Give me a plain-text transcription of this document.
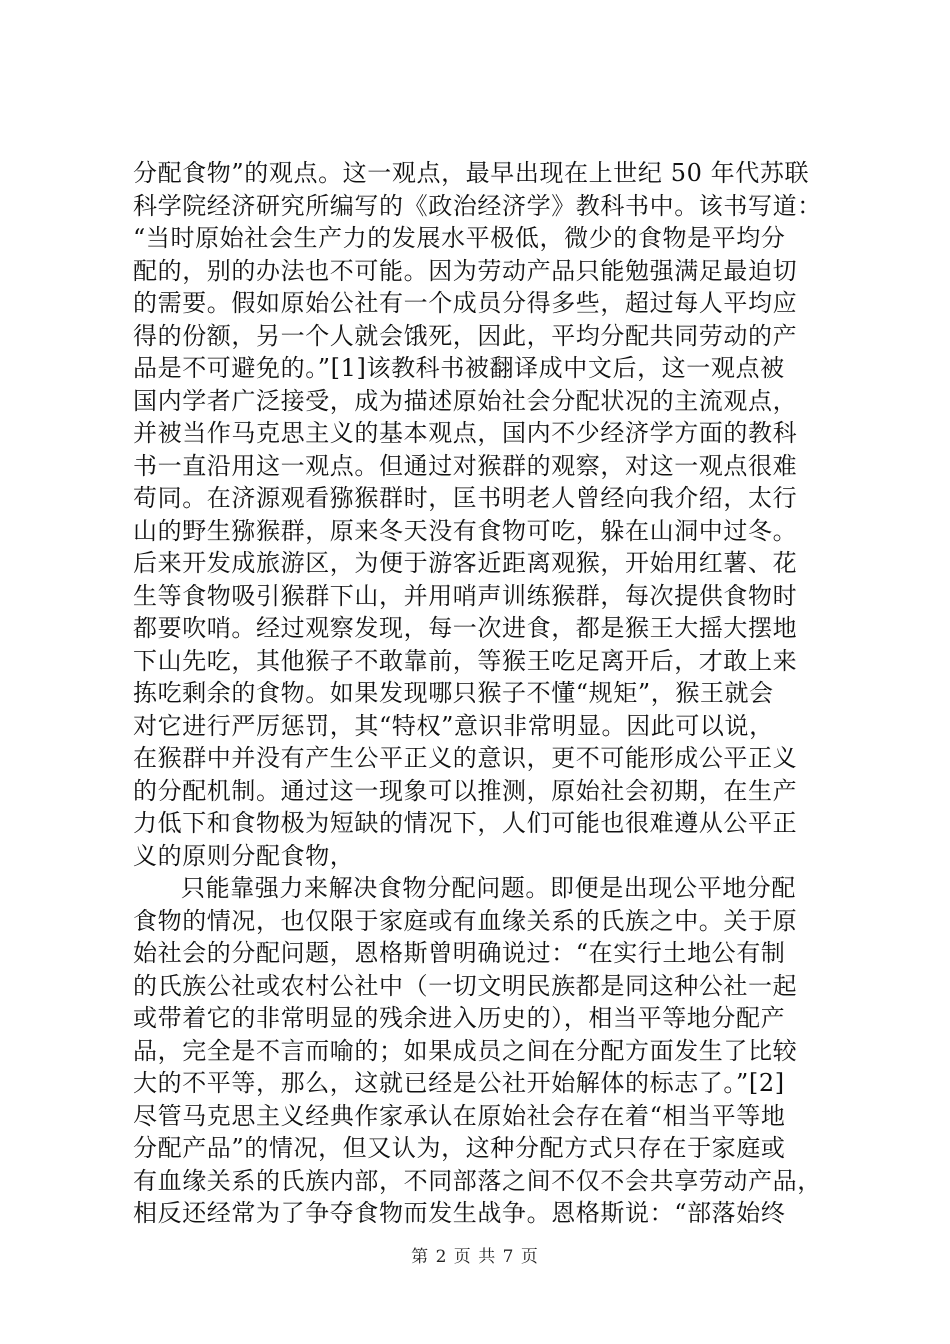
分配食物”的观点。这一观点，最早出现在上世纪 50 年代苏联
科学院经济研究所编写的《政治经济学》教科书中。该书写道：
“当时原始社会生产力的发展水平极低，微少的食物是平均分
配的，别的办法也不可能。因为劳动产品只能勉强满足最迫切
的需要。假如原始公社有一个成员分得多些，超过每人平均应
得的份额，另一个人就会饿死，因此，平均分配共同劳动的产
品是不可避免的。”[1]该教科书被翻译成中文后，这一观点被
国内学者广泛接受，成为描述原始社会分配状况的主流观点，
并被当作马克思主义的基本观点，国内不少经济学方面的教科
书一直沿用这一观点。但通过对猴群的观察，对这一观点很难
苟同。在济源观看猕猴群时，匡书明老人曾经向我介绍，太行
山的野生猕猴群，原来冬天没有食物可吃，躲在山洞中过冬。
后来开发成旅游区，为便于游客近距离观猴，开始用红薯、花
生等食物吸引猴群下山，并用哨声训练猴群，每次提供食物时
都要吹哨。经过观察发现，每一次进食，都是猴王大摇大摆地
下山先吃，其他猴子不敢靠前，等猴王吃足离开后，才敢上来
拣吃剩余的食物。如果发现哪只猴子不懂“规矩”，猴王就会
对它进行严厉惩罚，其“特权”意识非常明显。因此可以说，
在猴群中并没有产生公平正义的意识，更不可能形成公平正义
的分配机制。通过这一现象可以推测，原始社会初期，在生产
力低下和食物极为短缺的情况下，人们可能也很难遵从公平正
义的原则分配食物，
只能靠强力来解决食物分配问题。即便是出现公平地分配
食物的情况，也仅限于家庭或有血缘关系的氏族之中。关于原
始社会的分配问题，恩格斯曾明确说过：“在实行土地公有制
的氏族公社或农村公社中（一切文明民族都是同这种公社一起
或带着它的非常明显的残余进入历史的），相当平等地分配产
品，完全是不言而喻的；如果成员之间在分配方面发生了比较
大的不平等，那么，这就已经是公社开始解体的标志了。”[2]
尽管马克思主义经典作家承认在原始社会存在着“相当平等地
分配产品”的情况，但又认为，这种分配方式只存在于家庭或
有血缘关系的氏族内部，不同部落之间不仅不会共享劳动产品，
相反还经常为了争夺食物而发生战争。恩格斯说：“部落始终
第 2 页 共 7 页
